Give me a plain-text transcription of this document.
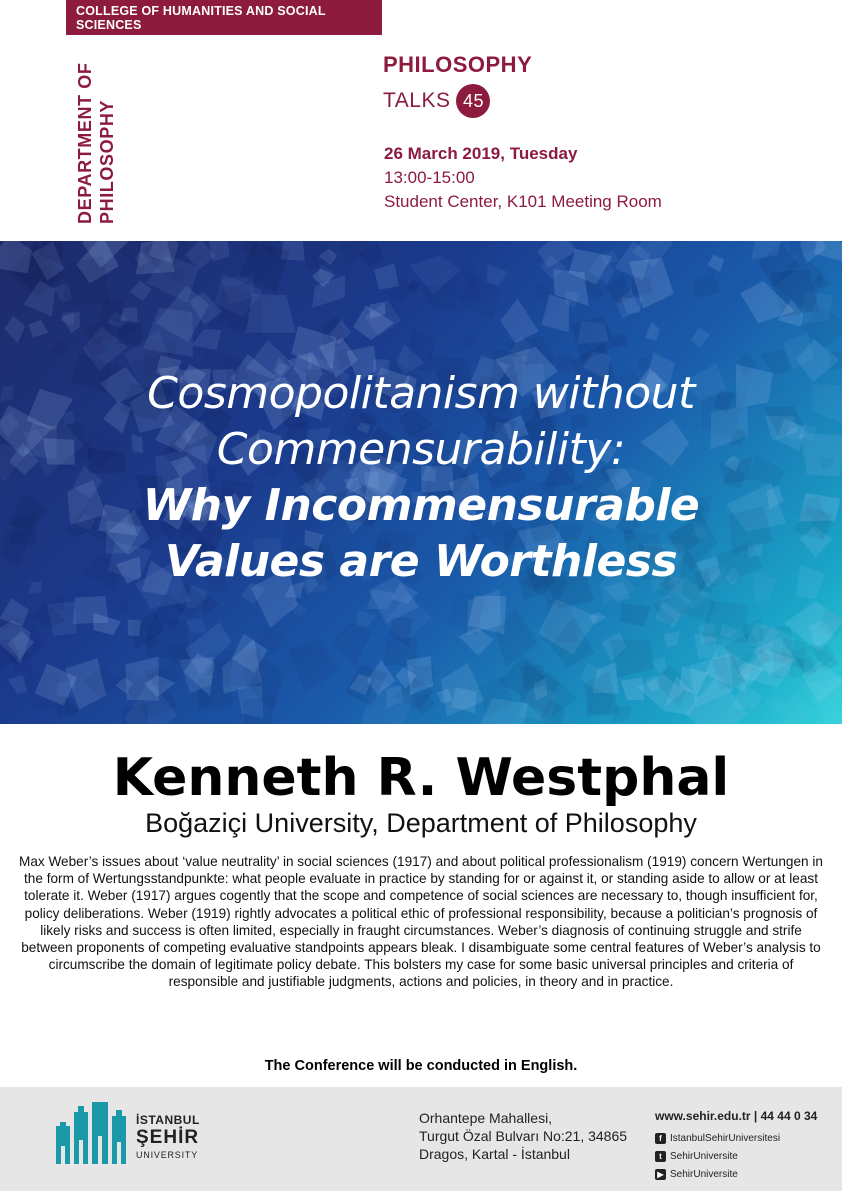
COLLEGE OF HUMANITIES AND SOCIAL SCIENCES
DEPARTMENT OF PHILOSOPHY
PHILOSOPHY
TALKS 45
26 March 2019, Tuesday
13:00-15:00
Student Center, K101 Meeting Room
Cosmopolitanism without
Commensurability:
Why Incommensurable
Values are Worthless
Kenneth R. Westphal
Boğaziçi University, Department of Philosophy
Max Weber’s issues about ‘value neutrality’ in social sciences (1917) and about political professionalism (1919) concern Wertungen in the form of Wertungsstandpunkte: what people evaluate in practice by standing for or against it, or standing aside to allow or at least tolerate it. Weber (1917) argues cogently that the scope and competence of social sciences are necessary to, though insufficient for, policy deliberations. Weber (1919) rightly advocates a political ethic of professional responsibility, because a politician’s prognosis of likely risks and success is often limited, especially in fraught circumstances. Weber’s diagnosis of continuing struggle and strife between proponents of competing evaluative standpoints appears bleak. I disambiguate some central features of Weber’s analysis to circumscribe the domain of legitimate policy debate. This bolsters my case for some basic universal principles and criteria of responsible and justifiable judgments, actions and policies, in theory and in practice.
The Conference will be conducted in English.
İSTANBUL
ŞEHİR
UNIVERSITY
Orhantepe Mahallesi,
Turgut Özal Bulvarı No:21, 34865
Dragos, Kartal - İstanbul
www.sehir.edu.tr | 44 44 0 34
f IstanbulSehirUniversitesi
t SehirUniversite
▶ SehirUniversite
